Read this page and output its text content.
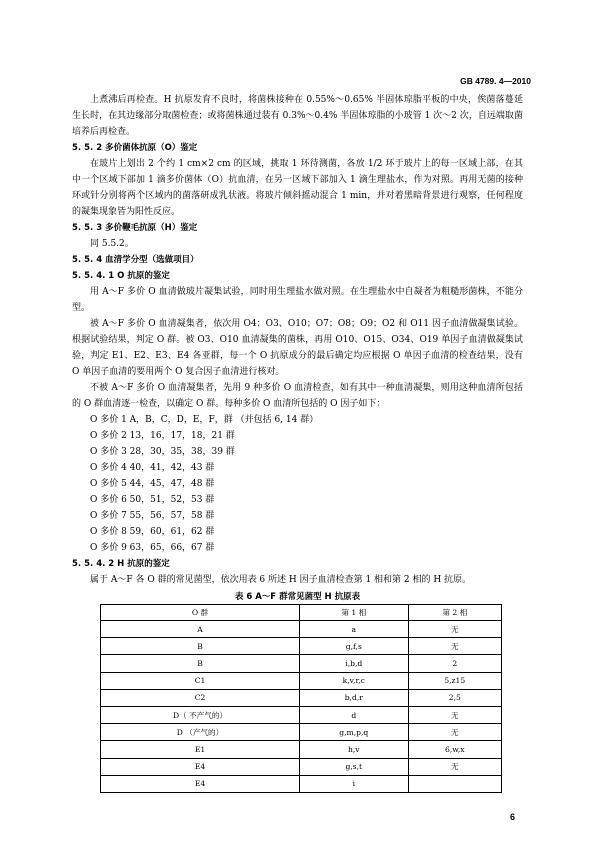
GB 4789. 4—2010

上煮沸后再检查。H 抗原发育不良时，将菌株接种在 0.55%～0.65% 半固体琼脂平板的中央，俟菌落蔓延生长时，在其边缘部分取菌检查；或将菌株通过装有 0.3%～0.4% 半固体琼脂的小玻管 1 次～2 次，自远端取菌培养后再检查。

5. 5. 2 多价菌体抗原（O）鉴定

在玻片上划出 2 个约 1 cm×2 cm 的区域，挑取 1 环待测菌，各放 1/2 环于玻片上的每一区域上部，在其中一个区域下部加 1 滴多价菌体（O）抗血清，在另一区域下部加入 1 滴生理盐水，作为对照。再用无菌的接种环或针分别将两个区域内的菌落研成乳状液。将玻片倾斜摇动混合 1 min，并对着黑暗背景进行观察，任何程度的凝集现象皆为阳性反应。

5. 5. 3 多价鞭毛抗原（H）鉴定

同 5.5.2。

5. 5. 4 血清学分型（选做项目）

5. 5. 4. 1 O 抗原的鉴定

用 A～F 多价 O 血清做玻片凝集试验，同时用生理盐水做对照。在生理盐水中自凝者为粗糙形菌株，不能分型。

被 A～F 多价 O 血清凝集者，依次用 O4；O3、O10；O7；O8；O9；O2 和 O11 因子血清做凝集试验。根据试验结果，判定 O 群。被 O3、O10 血清凝集的菌株，再用 O10、O15、O34、O19 单因子血清做凝集试验，判定 E1、E2、E3、E4 各亚群，每一个 O 抗原成分的最后确定均应根据 O 单因子血清的检查结果，没有 O 单因子血清的要用两个 O 复合因子血清进行核对。

不被 A～F 多价 O 血清凝集者，先用 9 种多价 O 血清检查，如有其中一种血清凝集，则用这种血清所包括的 O 群血清逐一检查，以确定 O 群。每种多价 O 血清所包括的 O 因子如下：

O 多价 1 A，B，C，D，E，F，群 （并包括 6, 14 群）

O 多价 2 13，16，17，18，21 群

O 多价 3 28，30，35，38，39 群

O 多价 4 40，41，42，43 群

O 多价 5 44，45，47，48 群

O 多价 6 50，51，52，53 群

O 多价 7 55，56，57，58 群

O 多价 8 59，60，61，62 群

O 多价 9 63，65，66，67 群

5. 5. 4. 2 H 抗原的鉴定

属于 A～F 各 O 群的常见菌型，依次用表 6 所述 H 因子血清检查第 1 相和第 2 相的 H 抗原。

表 6 A～F 群常见菌型 H 抗原表
O 群	第 1 相	第 2 相
A	a	无
B	g,f,s	无
B	i,b,d	2
C1	k,v,r,c	5,z15
C2	b,d,r	2,5
D（ 不产气的）	d	无
D （产气的）	g,m,p,q	无
E1	h,v	6,w,x
E4	g,s,t	无
E4	i	
6
